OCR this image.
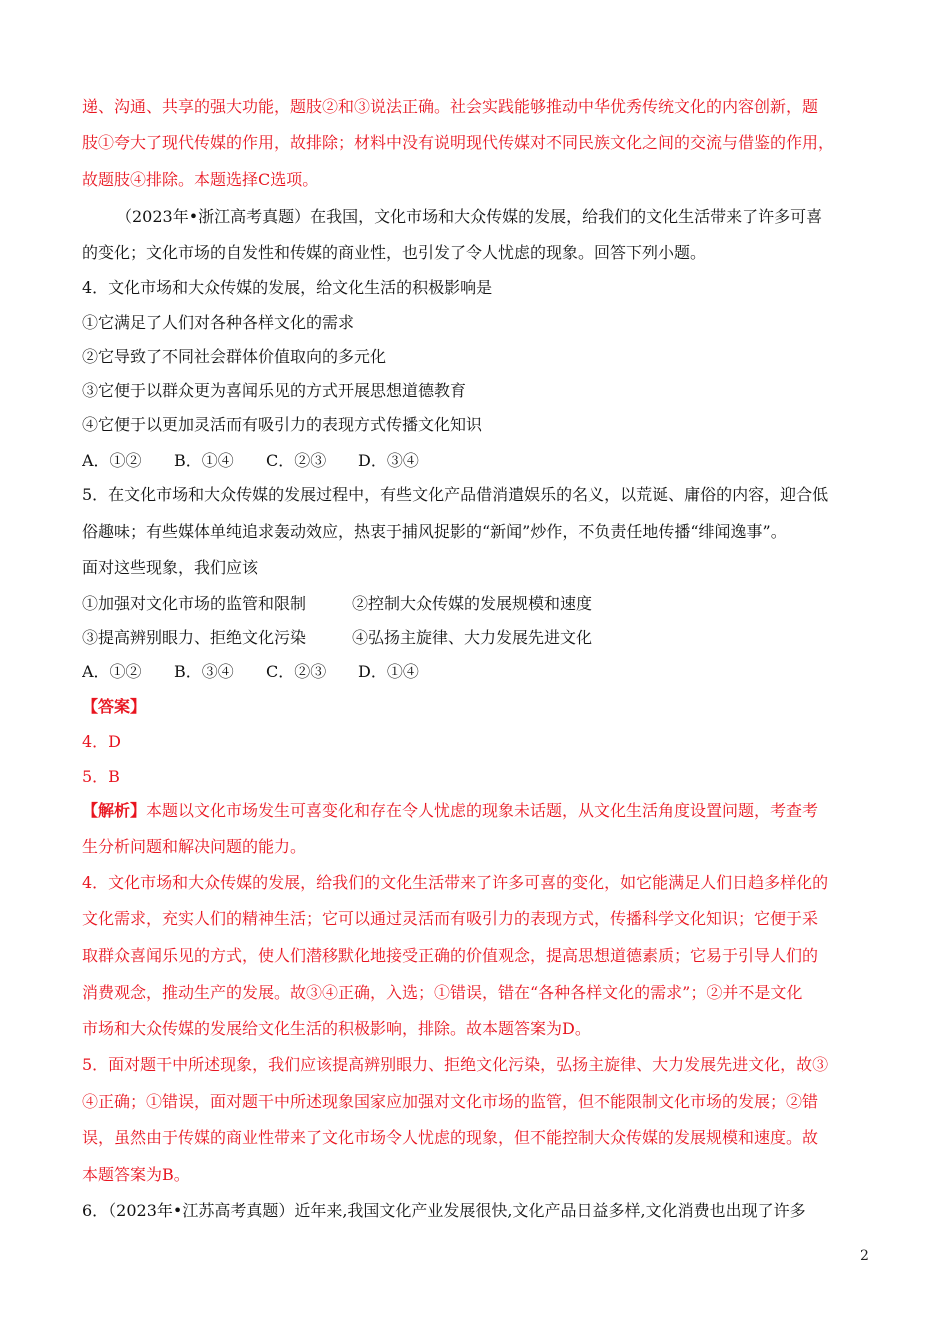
递、沟通、共享的强大功能，题肢②和③说法正确。社会实践能够推动中华优秀传统文化的内容创新，题
肢①夸大了现代传媒的作用，故排除；材料中没有说明现代传媒对不同民族文化之间的交流与借鉴的作用，
故题肢④排除。本题选择C选项。
（2023年•浙江高考真题）在我国，文化市场和大众传媒的发展，给我们的文化生活带来了许多可喜
的变化；文化市场的自发性和传媒的商业性，也引发了令人忧虑的现象。回答下列小题。
4．文化市场和大众传媒的发展，给文化生活的积极影响是
①它满足了人们对各种各样文化的需求
②它导致了不同社会群体价值取向的多元化
③它便于以群众更为喜闻乐见的方式开展思想道德教育
④它便于以更加灵活而有吸引力的表现方式传播文化知识
A．①② B．①④ C．②③ D．③④
5．在文化市场和大众传媒的发展过程中，有些文化产品借消遣娱乐的名义，以荒诞、庸俗的内容，迎合低
俗趣味；有些媒体单纯追求轰动效应，热衷于捕风捉影的“新闻”炒作，不负责任地传播“绯闻逸事”。
面对这些现象，我们应该
①加强对文化市场的监管和限制	②控制大众传媒的发展规模和速度
③提高辨别眼力、拒绝文化污染	④弘扬主旋律、大力发展先进文化
A．①② B．③④ C．②③ D．①④
【答案】
4．D
5．B
【解析】本题以文化市场发生可喜变化和存在令人忧虑的现象未话题，从文化生活角度设置问题，考查考
生分析问题和解决问题的能力。
4．文化市场和大众传媒的发展，给我们的文化生活带来了许多可喜的变化，如它能满足人们日趋多样化的
文化需求，充实人们的精神生活；它可以通过灵活而有吸引力的表现方式，传播科学文化知识；它便于采
取群众喜闻乐见的方式，使人们潜移默化地接受正确的价值观念，提高思想道德素质；它易于引导人们的
消费观念，推动生产的发展。故③④正确，入选；①错误，错在“各种各样文化的需求”；②并不是文化
市场和大众传媒的发展给文化生活的积极影响，排除。故本题答案为D。
5．面对题干中所述现象，我们应该提高辨别眼力、拒绝文化污染，弘扬主旋律、大力发展先进文化，故③
④正确；①错误，面对题干中所述现象国家应加强对文化市场的监管，但不能限制文化市场的发展；②错
误，虽然由于传媒的商业性带来了文化市场令人忧虑的现象，但不能控制大众传媒的发展规模和速度。故
本题答案为B。
6．（2023年•江苏高考真题）近年来,我国文化产业发展很快,文化产品日益多样,文化消费也出现了许多
2
